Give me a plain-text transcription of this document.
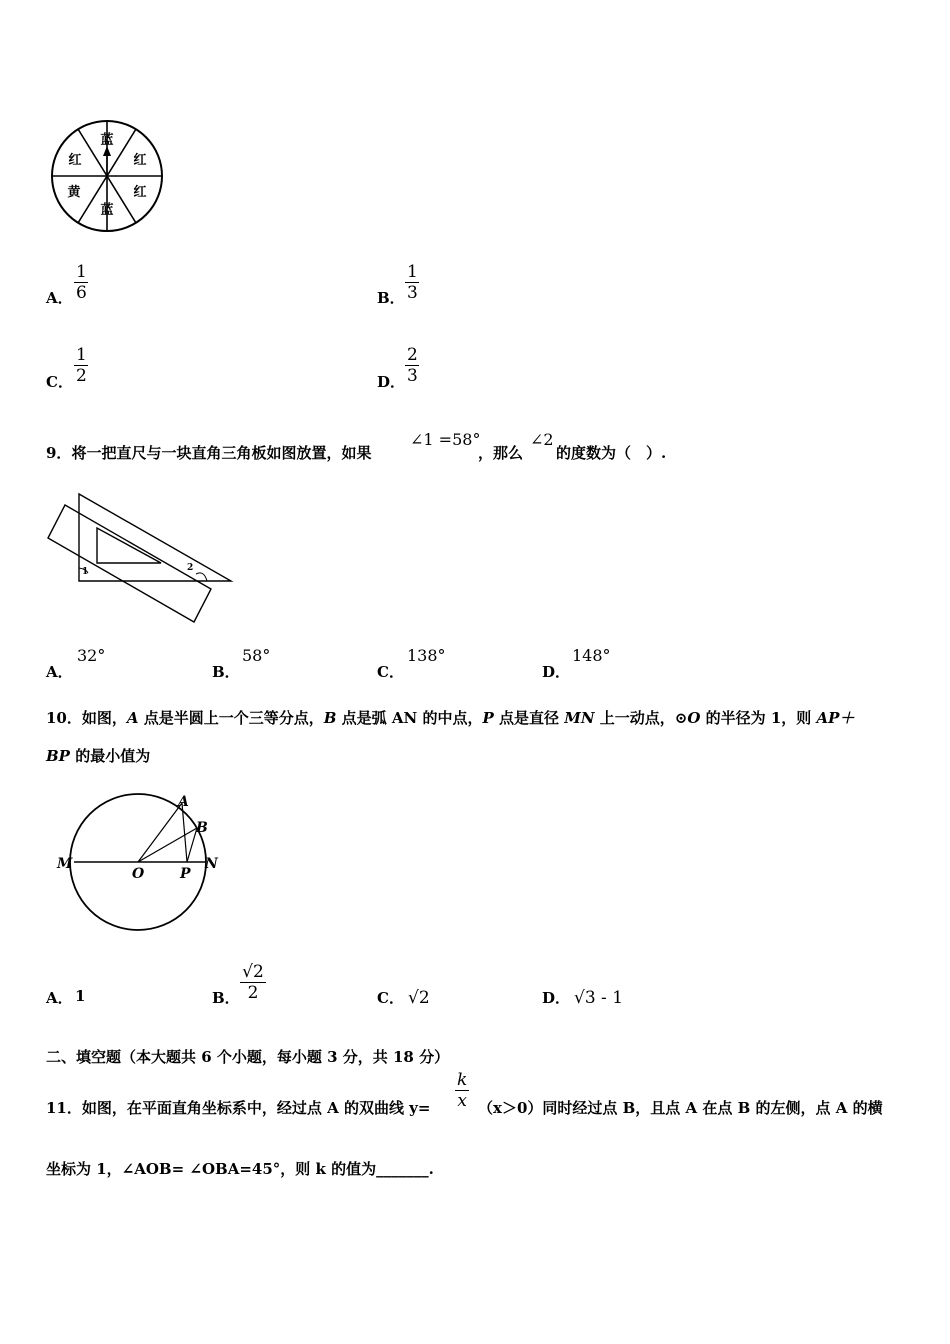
蓝
红
红
蓝
黄
红
A．
1
6	B．
1
3
C．
1
2	D．
2
3
9．将一把直尺与一块直角三角板如图放置，如果
∠1 =58°
，那么
∠2
的度数为（　）.
1	2
A．
32°
B．
58°
C．
138°
D．
148°
10．如图，A 点是半圆上一个三等分点，B 点是弧 AN 的中点，P 点是直径 MN 上一动点，⊙O 的半径为 1，则 AP＋
BP 的最小值为
A
B
M
O	P
N
A． 1	B．
√2
2	C． √2	D． √3 - 1
二、填空题（本大题共 6 个小题，每小题 3 分，共 18 分）
11．如图，在平面直角坐标系中，经过点 A 的双曲线 y=
k
x （x＞0）同时经过点 B，且点 A 在点 B 的左侧，点 A 的横
坐标为 1，∠AOB= ∠OBA=45°，则 k 的值为_______.
